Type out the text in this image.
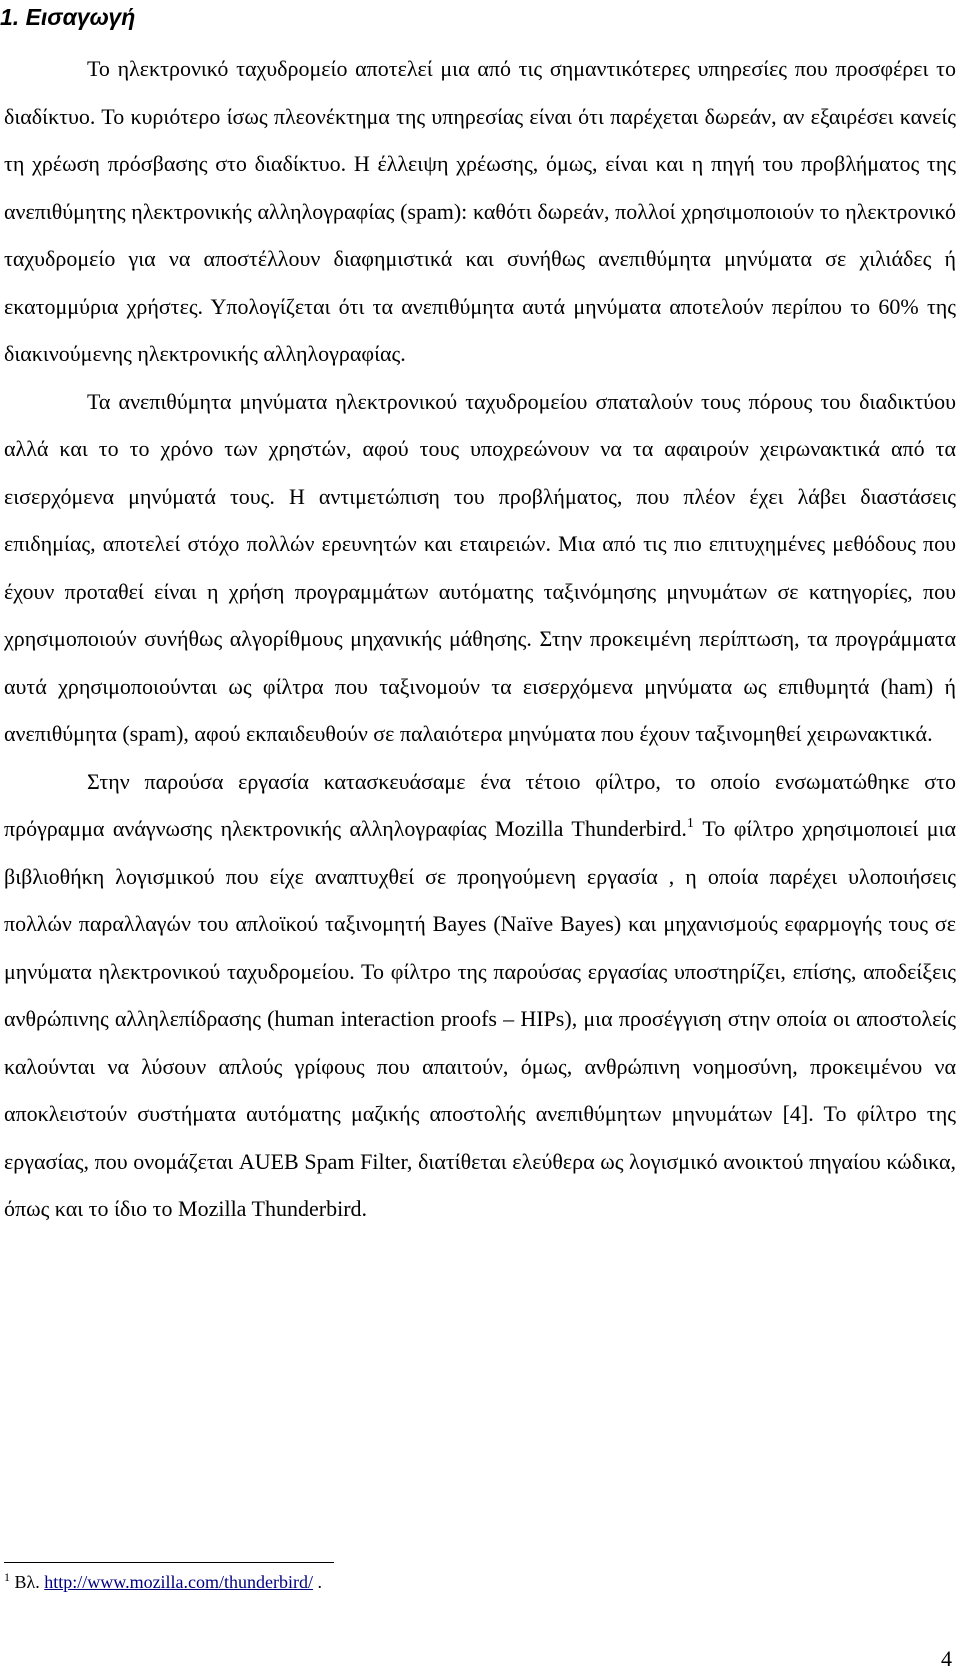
1. Εισαγωγή

Το ηλεκτρονικό ταχυδρομείο αποτελεί μια από τις σημαντικότερες υπηρεσίες που προσφέρει το διαδίκτυο. Το κυριότερο ίσως πλεονέκτημα της υπηρεσίας είναι ότι παρέχεται δωρεάν, αν εξαιρέσει κανείς τη χρέωση πρόσβασης στο διαδίκτυο. Η έλλειψη χρέωσης, όμως, είναι και η πηγή του προβλήματος της ανεπιθύμητης ηλεκτρονικής αλληλογραφίας (spam): καθότι δωρεάν, πολλοί χρησιμοποιούν το ηλεκτρονικό ταχυδρομείο για να αποστέλλουν διαφημιστικά και συνήθως ανεπιθύμητα μηνύματα σε χιλιάδες ή εκατομμύρια χρήστες. Υπολογίζεται ότι τα ανεπιθύμητα αυτά μηνύματα αποτελούν περίπου το 60% της διακινούμενης ηλεκτρονικής αλληλογραφίας.

Τα ανεπιθύμητα μηνύματα ηλεκτρονικού ταχυδρομείου σπαταλούν τους πόρους του διαδικτύου αλλά και το το χρόνο των χρηστών, αφού τους υποχρεώνουν να τα αφαιρούν χειρωνακτικά από τα εισερχόμενα μηνύματά τους. Η αντιμετώπιση του προβλήματος, που πλέον έχει λάβει διαστάσεις επιδημίας, αποτελεί στόχο πολλών ερευνητών και εταιρειών. Μια από τις πιο επιτυχημένες μεθόδους που έχουν προταθεί είναι η χρήση προγραμμάτων αυτόματης ταξινόμησης μηνυμάτων σε κατηγορίες, που χρησιμοποιούν συνήθως αλγορίθμους μηχανικής μάθησης. Στην προκειμένη περίπτωση, τα προγράμματα αυτά χρησιμοποιούνται ως φίλτρα που ταξινομούν τα εισερχόμενα μηνύματα ως επιθυμητά (ham) ή ανεπιθύμητα (spam), αφού εκπαιδευθούν σε παλαιότερα μηνύματα που έχουν ταξινομηθεί χειρωνακτικά.

Στην παρούσα εργασία κατασκευάσαμε ένα τέτοιο φίλτρο, το οποίο ενσωματώθηκε στο πρόγραμμα ανάγνωσης ηλεκτρονικής αλληλογραφίας Mozilla Thunderbird.$^1$ Το φίλτρο χρησιμοποιεί μια βιβλιοθήκη λογισμικού που είχε αναπτυχθεί σε προηγούμενη εργασία , η οποία παρέχει υλοποιήσεις πολλών παραλλαγών του απλοϊκού ταξινομητή Bayes (Naïve Bayes) και μηχανισμούς εφαρμογής τους σε μηνύματα ηλεκτρονικού ταχυδρομείου. Το φίλτρο της παρούσας εργασίας υποστηρίζει, επίσης, αποδείξεις ανθρώπινης αλληλεπίδρασης (human interaction proofs – HIPs), μια προσέγγιση στην οποία οι αποστολείς καλούνται να λύσουν απλούς γρίφους που απαιτούν, όμως, ανθρώπινη νοημοσύνη, προκειμένου να αποκλειστούν συστήματα αυτόματης μαζικής αποστολής ανεπιθύμητων μηνυμάτων [4]. Το φίλτρο της εργασίας, που ονομάζεται AUEB Spam Filter, διατίθεται ελεύθερα ως λογισμικό ανοικτού πηγαίου κώδικα, όπως και το ίδιο το Mozilla Thunderbird.

$^1$ Βλ. http://www.mozilla.com/thunderbird/ .

4
